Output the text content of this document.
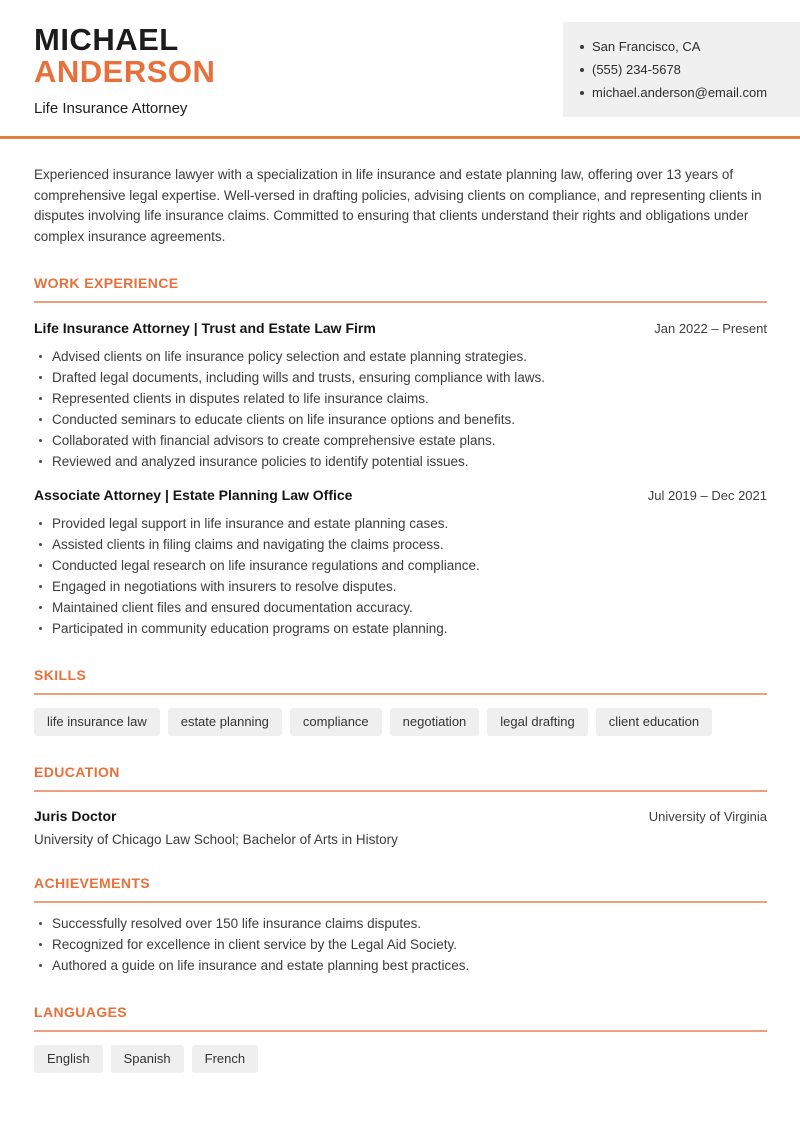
MICHAEL
ANDERSON
Life Insurance Attorney
San Francisco, CA
(555) 234-5678
michael.anderson@email.com

Experienced insurance lawyer with a specialization in life insurance and estate planning law, offering over 13 years of comprehensive legal expertise. Well-versed in drafting policies, advising clients on compliance, and representing clients in disputes involving life insurance claims. Committed to ensuring that clients understand their rights and obligations under complex insurance agreements.

WORK EXPERIENCE
Life Insurance Attorney | Trust and Estate Law Firm	Jan 2022 – Present
Advised clients on life insurance policy selection and estate planning strategies.
Drafted legal documents, including wills and trusts, ensuring compliance with laws.
Represented clients in disputes related to life insurance claims.
Conducted seminars to educate clients on life insurance options and benefits.
Collaborated with financial advisors to create comprehensive estate plans.
Reviewed and analyzed insurance policies to identify potential issues.
Associate Attorney | Estate Planning Law Office	Jul 2019 – Dec 2021
Provided legal support in life insurance and estate planning cases.
Assisted clients in filing claims and navigating the claims process.
Conducted legal research on life insurance regulations and compliance.
Engaged in negotiations with insurers to resolve disputes.
Maintained client files and ensured documentation accuracy.
Participated in community education programs on estate planning.
SKILLS
life insurance law	estate planning	compliance	negotiation	legal drafting	client education
EDUCATION
Juris Doctor	University of Virginia
University of Chicago Law School; Bachelor of Arts in History
ACHIEVEMENTS
Successfully resolved over 150 life insurance claims disputes.
Recognized for excellence in client service by the Legal Aid Society.
Authored a guide on life insurance and estate planning best practices.
LANGUAGES
English	Spanish	French
